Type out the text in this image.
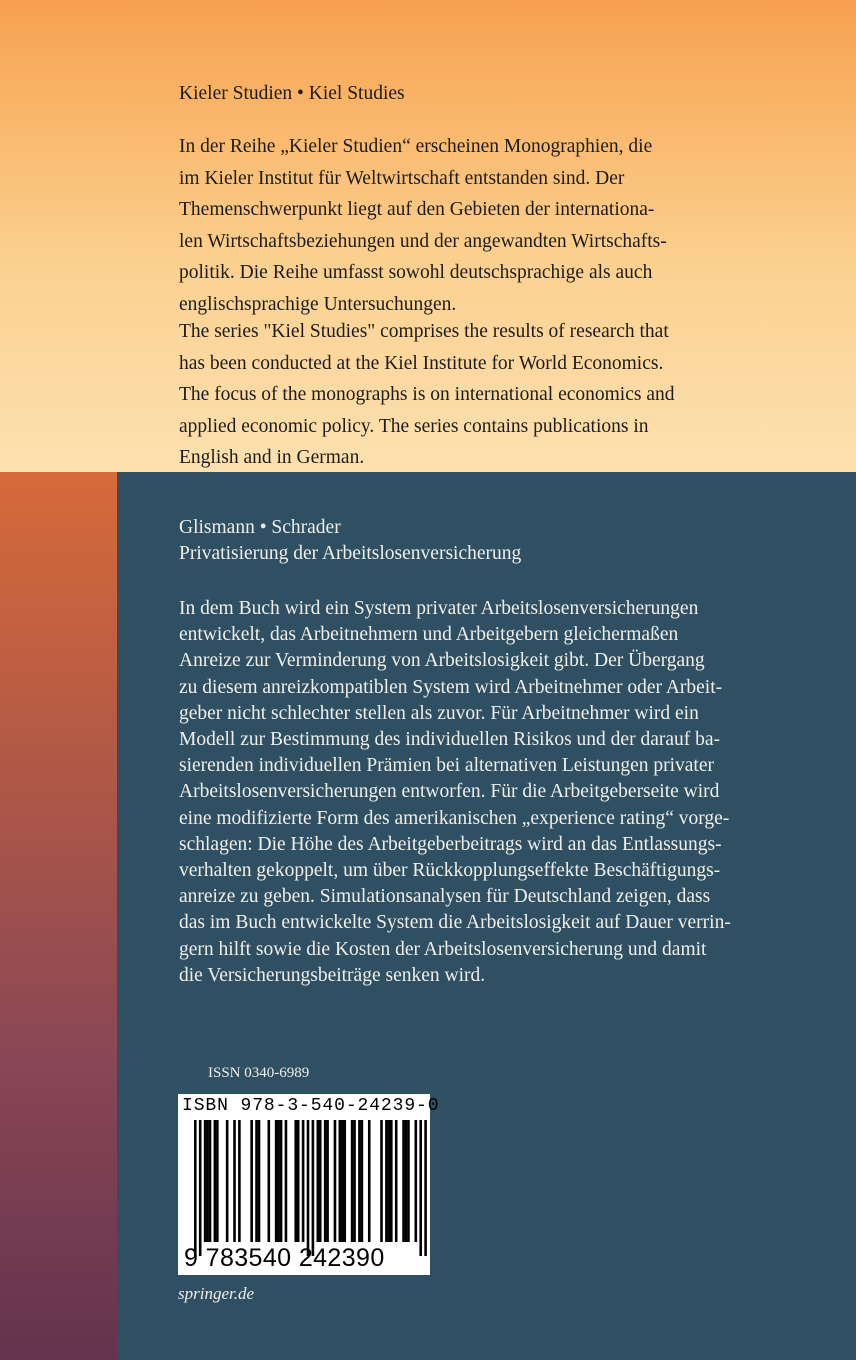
Kieler Studien • Kiel Studies

In der Reihe „Kieler Studien“ erscheinen Monographien, die
im Kieler Institut für Weltwirtschaft entstanden sind. Der
Themenschwerpunkt liegt auf den Gebieten der internationa-
len Wirtschaftsbeziehungen und der angewandten Wirtschafts-
politik. Die Reihe umfasst sowohl deutschsprachige als auch
englischsprachige Untersuchungen.

The series "Kiel Studies" comprises the results of research that
has been conducted at the Kiel Institute for World Economics.
The focus of the monographs is on international economics and
applied economic policy. The series contains publications in
English and in German.

Glismann • Schrader
Privatisierung der Arbeitslosenversicherung

In dem Buch wird ein System privater Arbeitslosenversicherungen
entwickelt, das Arbeitnehmern und Arbeitgebern gleichermaßen
Anreize zur Verminderung von Arbeitslosigkeit gibt. Der Übergang
zu diesem anreizkompatiblen System wird Arbeitnehmer oder Arbeit-
geber nicht schlechter stellen als zuvor. Für Arbeitnehmer wird ein
Modell zur Bestimmung des individuellen Risikos und der darauf ba-
sierenden individuellen Prämien bei alternativen Leistungen privater
Arbeitslosenversicherungen entworfen. Für die Arbeitgeberseite wird
eine modifizierte Form des amerikanischen „experience rating“ vorge-
schlagen: Die Höhe des Arbeitgeberbeitrags wird an das Entlassungs-
verhalten gekoppelt, um über Rückkopplungseffekte Beschäftigungs-
anreize zu geben. Simulationsanalysen für Deutschland zeigen, dass
das im Buch entwickelte System die Arbeitslosigkeit auf Dauer verrin-
gern hilft sowie die Kosten der Arbeitslosenversicherung und damit
die Versicherungsbeiträge senken wird.

ISSN 0340-6989
ISBN 978-3-540-24239-0
9 783540 242390
springer.de
